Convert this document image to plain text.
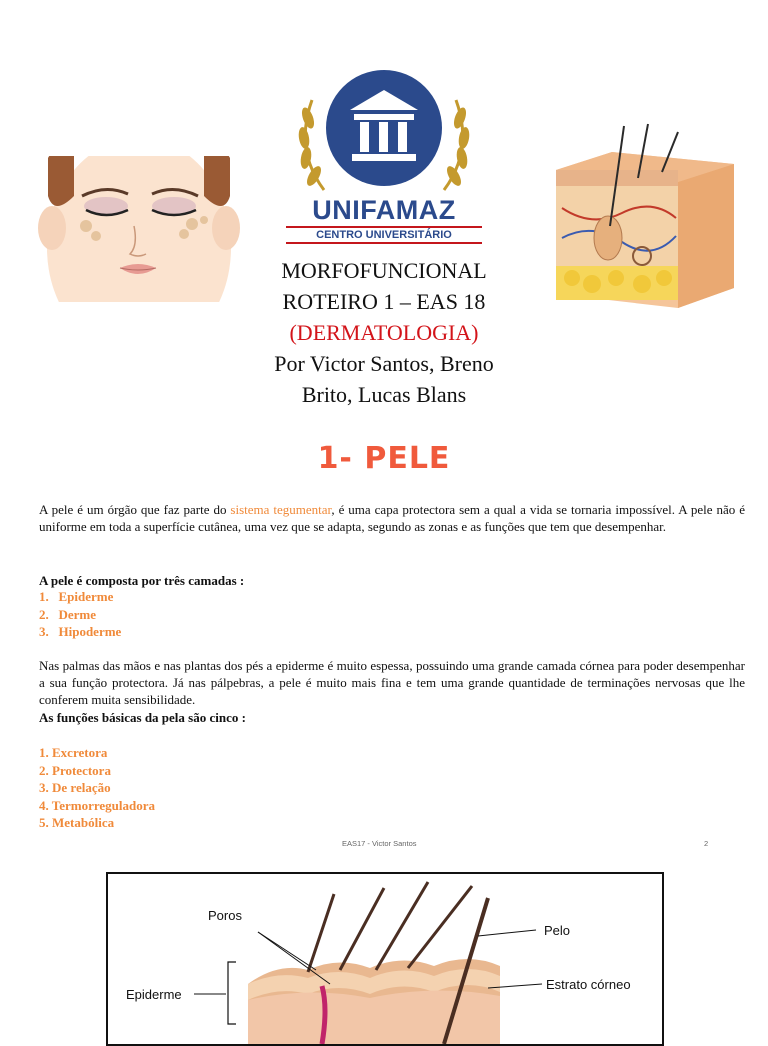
UNIFAMAZ
CENTRO UNIVERSITÁRIO
MORFOFUNCIONAL
ROTEIRO 1 – EAS 18
(DERMATOLOGIA)
Por Victor Santos, Breno
Brito, Lucas Blans
1- PELE
A pele é um órgão que faz parte do sistema tegumentar, é uma capa protectora sem a qual a vida se tornaria impossível. A pele não é uniforme em toda a superfície cutânea, uma vez que se adapta, segundo as zonas e as funções que tem que desempenhar.
A pele é composta por três camadas :
1.   Epiderme
2.   Derme
3.   Hipoderme
Nas palmas das mãos e nas plantas dos pés a epiderme é muito espessa, possuindo uma grande camada córnea para poder desempenhar a sua função protectora. Já nas pálpebras, a pele é muito mais fina e tem uma grande quantidade de terminações nervosas que lhe conferem muita sensibilidade.
As funções básicas da pela são cinco :
1. Excretora
2. Protectora
3. De relação
4. Termorreguladora
5. Metabólica
EAS17 - Victor Santos	2
Poros
Pelo
Epiderme
Estrato córneo
